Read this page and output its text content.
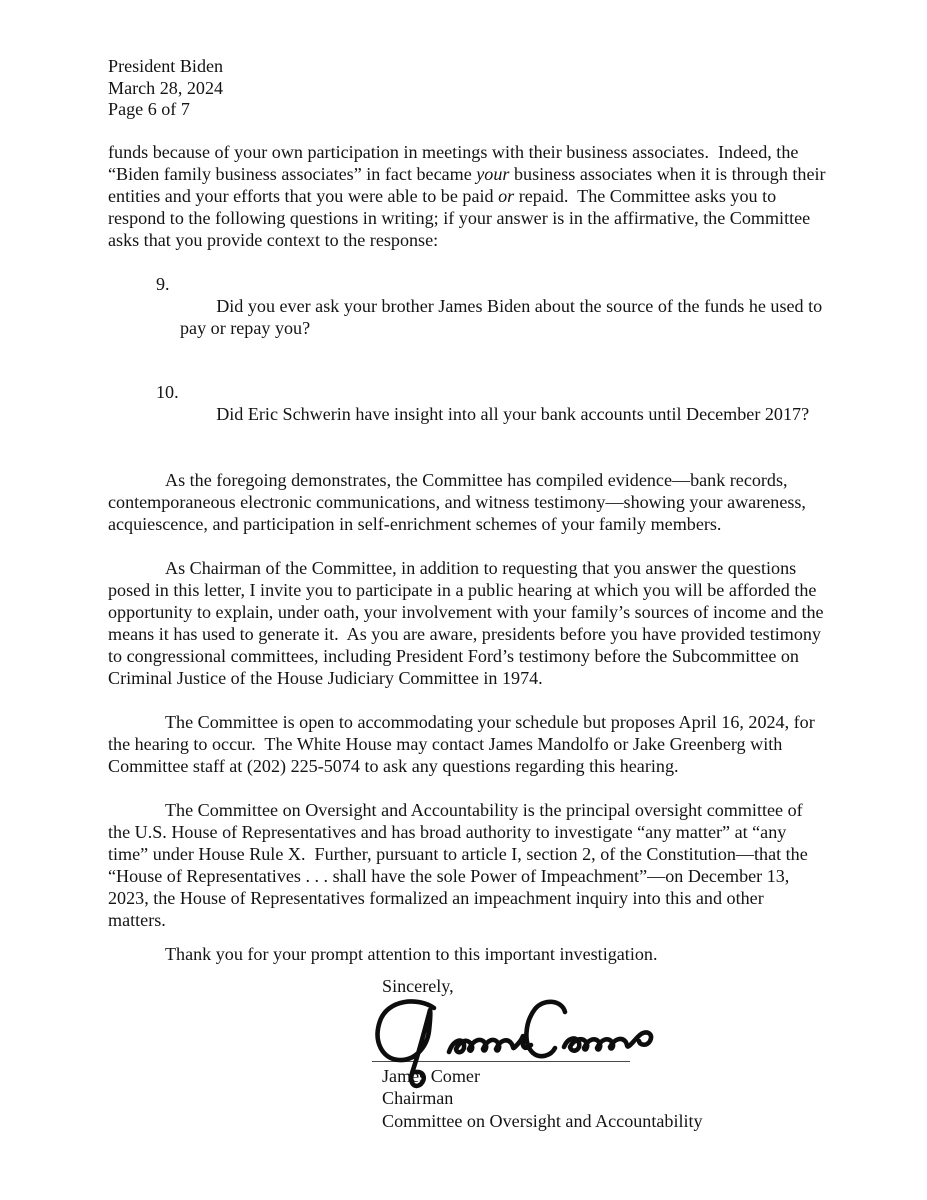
President Biden
March 28, 2024
Page 6 of 7

funds because of your own participation in meetings with their business associates.  Indeed, the “Biden family business associates” in fact became your business associates when it is through their entities and your efforts that you were able to be paid or repaid.  The Committee asks you to respond to the following questions in writing; if your answer is in the affirmative, the Committee asks that you provide context to the response:

9.
Did you ever ask your brother James Biden about the source of the funds he used to pay or repay you?

10.
Did Eric Schwerin have insight into all your bank accounts until December 2017?

As the foregoing demonstrates, the Committee has compiled evidence—bank records, contemporaneous electronic communications, and witness testimony—showing your awareness, acquiescence, and participation in self-enrichment schemes of your family members.

As Chairman of the Committee, in addition to requesting that you answer the questions posed in this letter, I invite you to participate in a public hearing at which you will be afforded the opportunity to explain, under oath, your involvement with your family’s sources of income and the means it has used to generate it.  As you are aware, presidents before you have provided testimony to congressional committees, including President Ford’s testimony before the Subcommittee on Criminal Justice of the House Judiciary Committee in 1974.

The Committee is open to accommodating your schedule but proposes April 16, 2024, for the hearing to occur.  The White House may contact James Mandolfo or Jake Greenberg with Committee staff at (202) 225-5074 to ask any questions regarding this hearing.

The Committee on Oversight and Accountability is the principal oversight committee of the U.S. House of Representatives and has broad authority to investigate “any matter” at “any time” under House Rule X.  Further, pursuant to article I, section 2, of the Constitution—that the “House of Representatives . . . shall have the sole Power of Impeachment”—on December 13, 2023, the House of Representatives formalized an impeachment inquiry into this and other matters.

Thank you for your prompt attention to this important investigation.

Sincerely,
James Comer
Chairman
Committee on Oversight and Accountability
